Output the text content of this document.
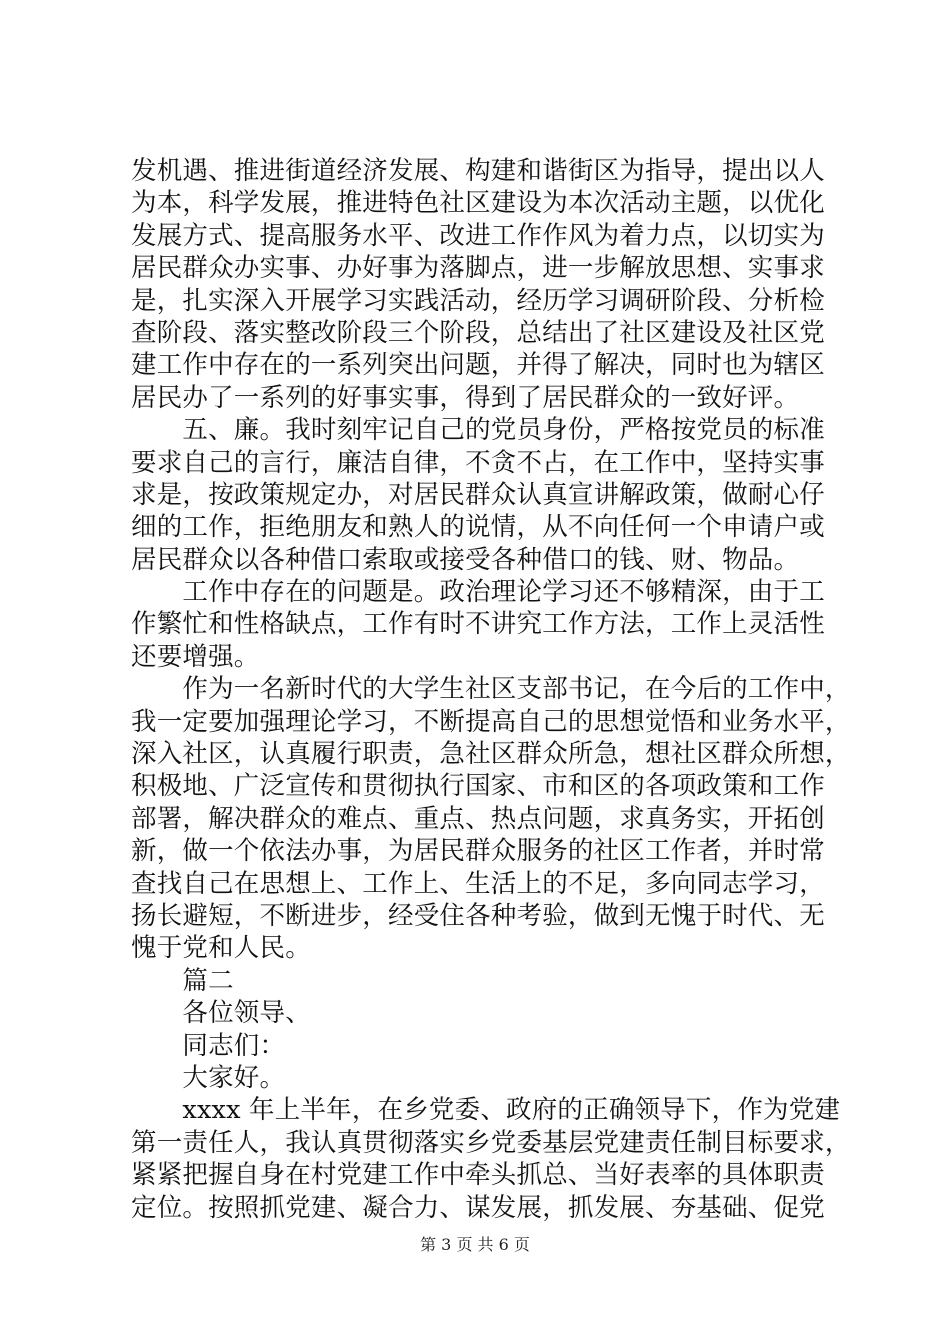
发机遇、推进街道经济发展、构建和谐街区为指导，提出以人
为本，科学发展，推进特色社区建设为本次活动主题，以优化
发展方式、提高服务水平、改进工作作风为着力点，以切实为
居民群众办实事、办好事为落脚点，进一步解放思想、实事求
是，扎实深入开展学习实践活动，经历学习调研阶段、分析检
查阶段、落实整改阶段三个阶段，总结出了社区建设及社区党
建工作中存在的一系列突出问题，并得了解决，同时也为辖区
居民办了一系列的好事实事，得到了居民群众的一致好评。
　　五、廉。我时刻牢记自己的党员身份，严格按党员的标准
要求自己的言行，廉洁自律，不贪不占，在工作中，坚持实事
求是，按政策规定办，对居民群众认真宣讲解政策，做耐心仔
细的工作，拒绝朋友和熟人的说情，从不向任何一个申请户或
居民群众以各种借口索取或接受各种借口的钱、财、物品。
　　工作中存在的问题是。政治理论学习还不够精深，由于工
作繁忙和性格缺点，工作有时不讲究工作方法，工作上灵活性
还要增强。
　　作为一名新时代的大学生社区支部书记，在今后的工作中，
我一定要加强理论学习，不断提高自己的思想觉悟和业务水平，
深入社区，认真履行职责，急社区群众所急，想社区群众所想，
积极地、广泛宣传和贯彻执行国家、市和区的各项政策和工作
部署，解决群众的难点、重点、热点问题，求真务实，开拓创
新，做一个依法办事，为居民群众服务的社区工作者，并时常
查找自己在思想上、工作上、生活上的不足，多向同志学习，
扬长避短，不断进步，经受住各种考验，做到无愧于时代、无
愧于党和人民。
　　篇二
　　各位领导、
　　同志们：
　　大家好。
　　xxxx 年上半年，在乡党委、政府的正确领导下，作为党建
第一责任人，我认真贯彻落实乡党委基层党建责任制目标要求，
紧紧把握自身在村党建工作中牵头抓总、当好表率的具体职责
定位。按照抓党建、凝合力、谋发展，抓发展、夯基础、促党
第 3 页 共 6 页
